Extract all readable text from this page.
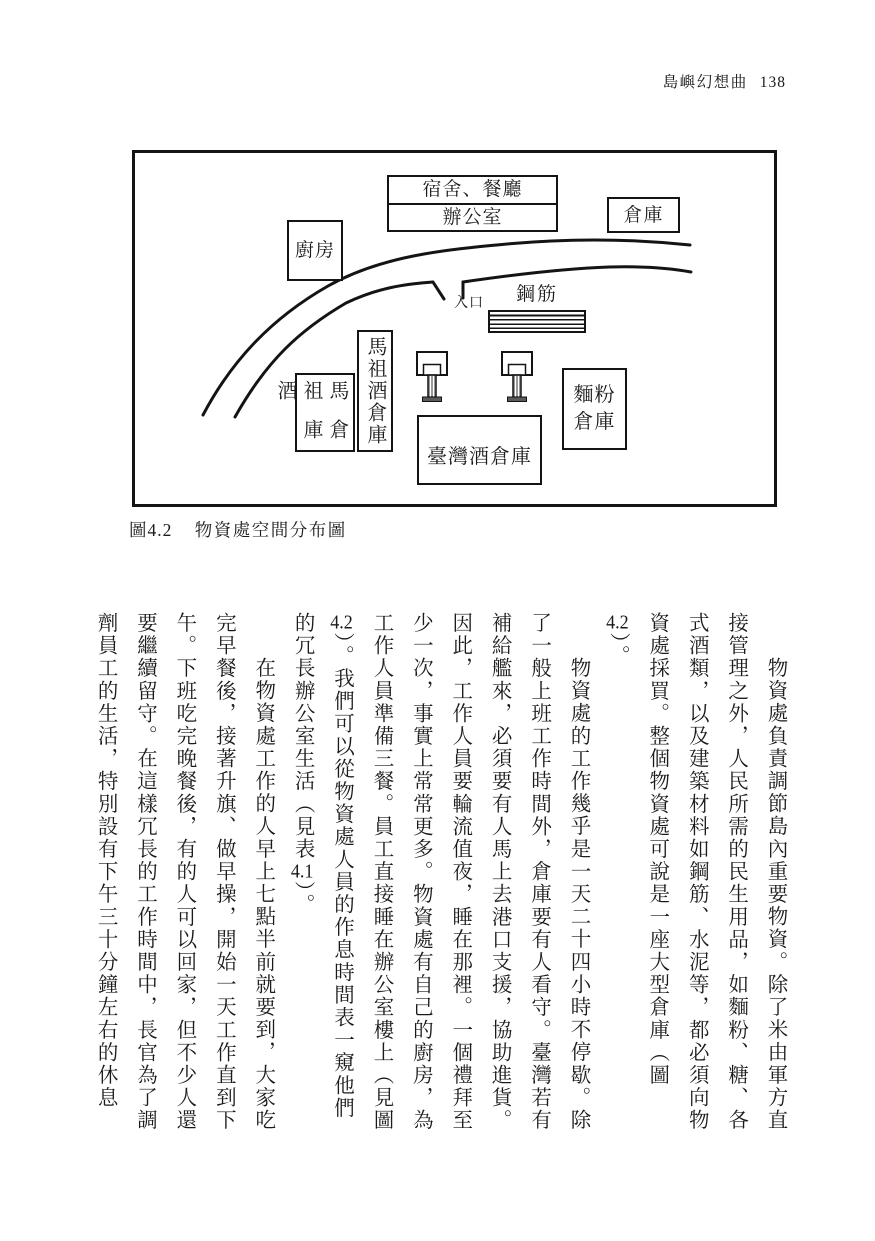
島嶼幻想曲 138
宿舍、餐廳
辦公室	倉庫
廚房
馬祖酒倉庫

馬祖酒

倉庫

臺灣酒倉庫
麵粉
倉庫
鋼筋
入口
圖4.2 物資處空間分布圖

物資處負責調節島內重要物資。除了米由軍方直接管理之外，人民所需的民生用品，如麵粉、糖、各式酒類，以及建築材料如鋼筋、水泥等，都必須向物資處採買。整個物資處可說是一座大型倉庫（圖4.2）。

物資處的工作幾乎是一天二十四小時不停歇。除了一般上班工作時間外，倉庫要有人看守。臺灣若有補給艦來，必須要有人馬上去港口支援，協助進貨。因此，工作人員要輪流值夜，睡在那裡。一個禮拜至少一次，事實上常常更多。物資處有自己的廚房，為工作人員準備三餐。員工直接睡在辦公室樓上（見圖4.2）。我們可以從物資處人員的作息時間表一窺他們的冗長辦公室生活（見表4.1）。

在物資處工作的人早上七點半前就要到，大家吃完早餐後，接著升旗、做早操，開始一天工作直到下午。下班吃完晚餐後，有的人可以回家，但不少人還要繼續留守。在這樣冗長的工作時間中，長官為了調劑員工的生活，特別設有下午三十分鐘左右的休息
